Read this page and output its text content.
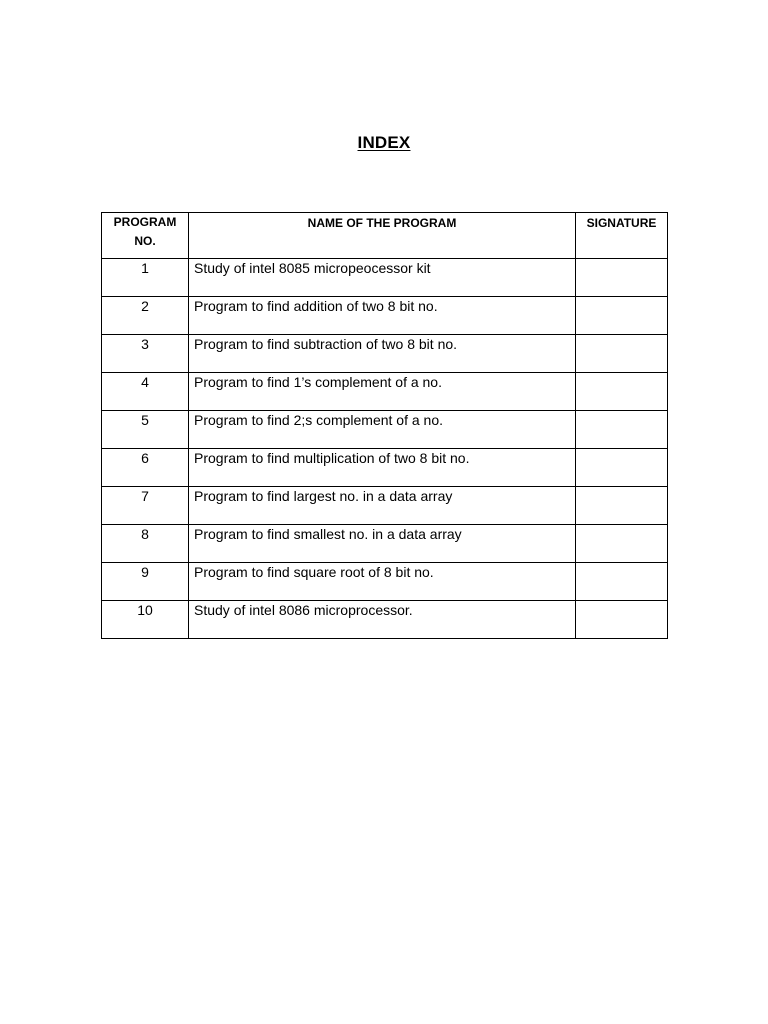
INDEX
PROGRAM
NO.	NAME OF THE PROGRAM	SIGNATURE
1	Study of intel 8085 micropeocessor kit	
2	Program to find addition of two 8 bit no.	
3	Program to find subtraction of two 8 bit no.	
4	Program to find 1’s complement of a no.	
5	Program to find 2;s complement of a no.	
6	Program to find multiplication of two 8 bit no.	
7	Program to find largest no. in a data array	
8	Program to find smallest no. in a data array	
9	Program to find square root of 8 bit no.	
10	Study of intel 8086 microprocessor.	
